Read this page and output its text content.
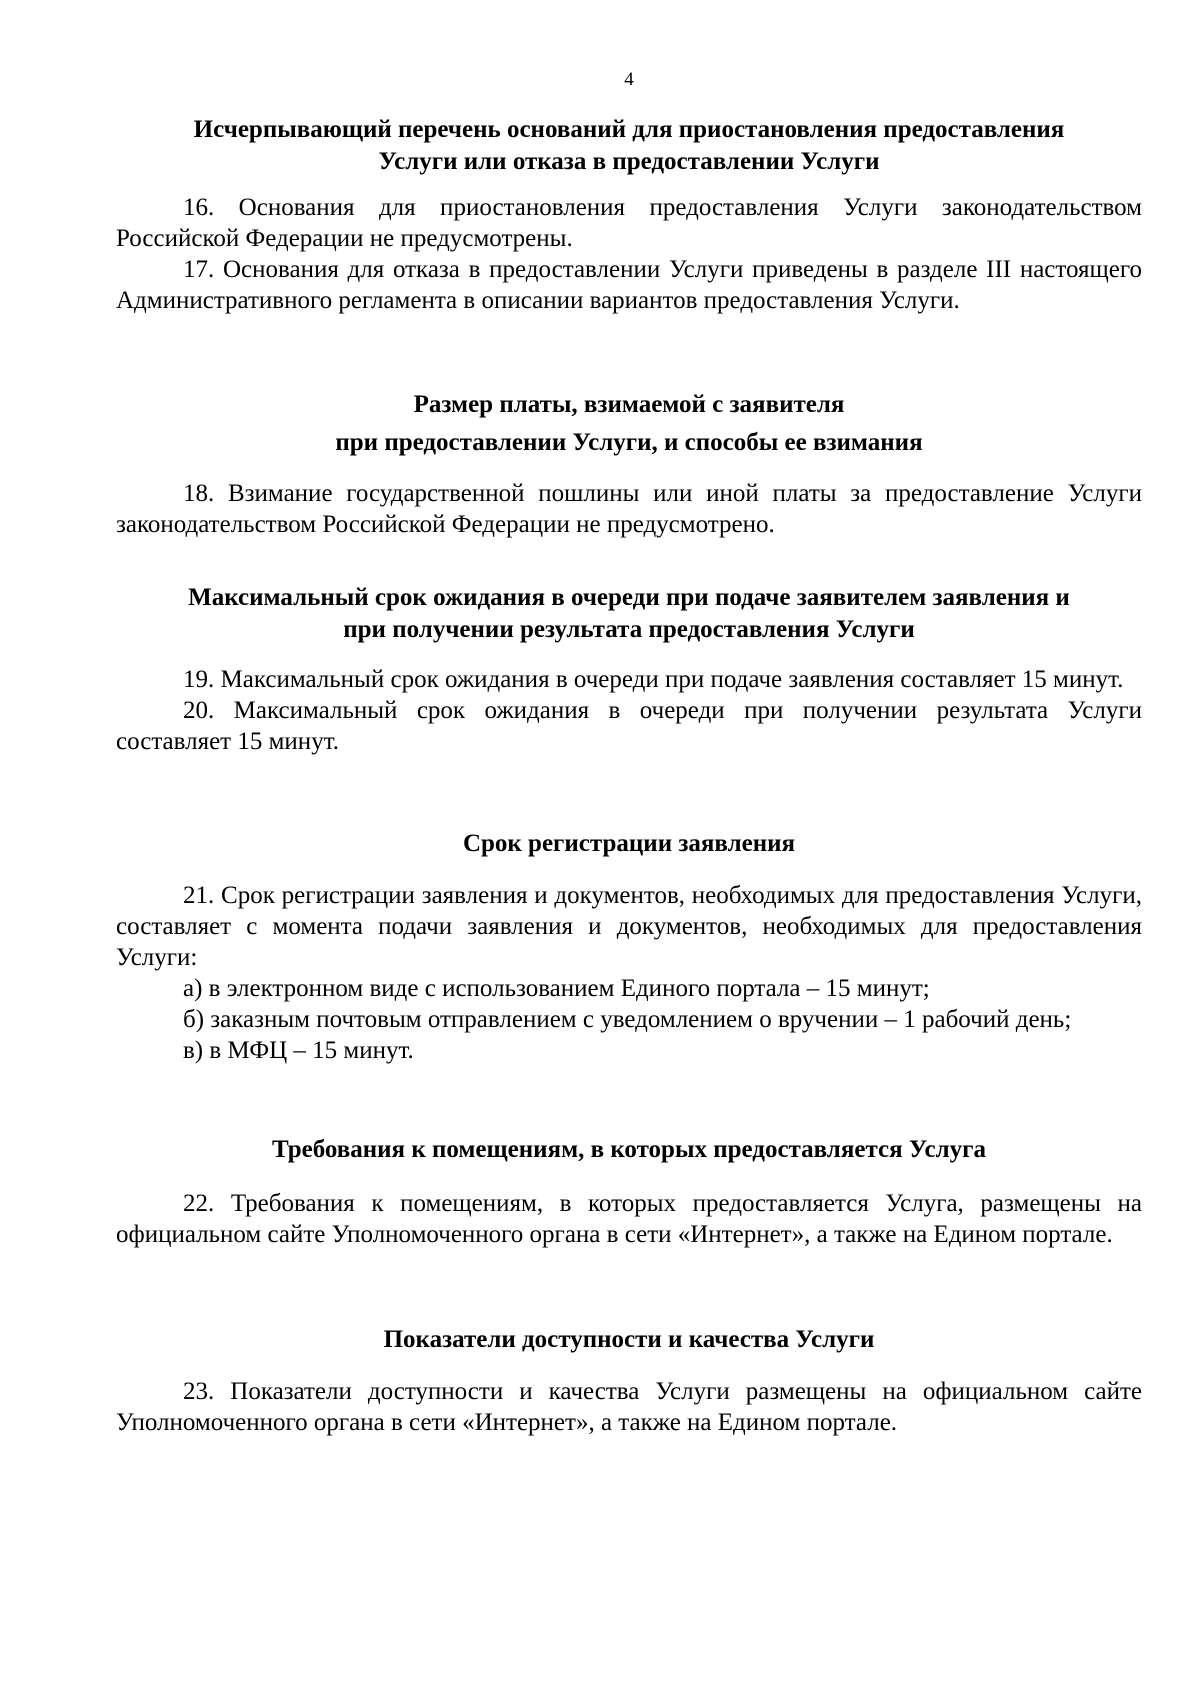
4
Исчерпывающий перечень оснований для приостановления предоставления
Услуги или отказа в предоставлении Услуги

16. Основания для приостановления предоставления Услуги законодательством Российской Федерации не предусмотрены.

17. Основания для отказа в предоставлении Услуги приведены в разделе III настоящего Административного регламента в описании вариантов предоставления Услуги.

Размер платы, взимаемой с заявителя
при предоставлении Услуги, и способы ее взимания

18. Взимание государственной пошлины или иной платы за предоставление Услуги законодательством Российской Федерации не предусмотрено.

Максимальный срок ожидания в очереди при подаче заявителем заявления и
при получении результата предоставления Услуги

19. Максимальный срок ожидания в очереди при подаче заявления составляет 15 минут.

20. Максимальный срок ожидания в очереди при получении результата Услуги составляет 15 минут.

Срок регистрации заявления

21. Срок регистрации заявления и документов, необходимых для предоставления Услуги, составляет с момента подачи заявления и документов, необходимых для предоставления Услуги:

а) в электронном виде с использованием Единого портала – 15 минут;

б) заказным почтовым отправлением с уведомлением о вручении – 1 рабочий день;

в) в МФЦ – 15 минут.

Требования к помещениям, в которых предоставляется Услуга

22. Требования к помещениям, в которых предоставляется Услуга, размещены на официальном сайте Уполномоченного органа в сети «Интернет», а также на Едином портале.

Показатели доступности и качества Услуги

23. Показатели доступности и качества Услуги размещены на официальном сайте Уполномоченного органа в сети «Интернет», а также на Едином портале.
